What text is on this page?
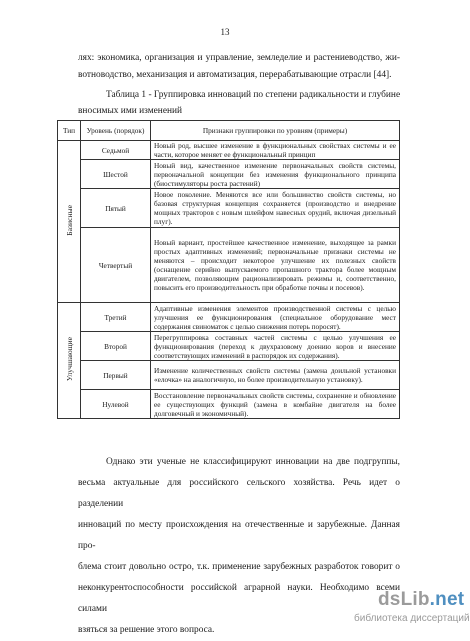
13
лях: экономика, организация и управление, земледелие и растениеводство, жи-
вотноводство, механизация и автоматизация, перерабатывающие отрасли [44].
Таблица 1 - Группировка инноваций по степени радикальности и глубине
вносимых ими изменений
Тип	Уровень (порядок)	Признаки группировки по уровням (примеры)
Базисные	Седьмой	Новый род, высшее изменение в функциональных свойствах системы и ее части, которое меняет ее функциональный принцип
	Шестой	Новый вид, качественное изменение первоначальных свойств системы, первоначальной концепции без изменения функционального принципа (биостимуляторы роста растений)
	Пятый	Новое поколение. Меняются все или большинство свойств системы, но базовая структурная концепция сохраняется (производство и внедрение мощных тракторов с новым шлейфом навесных орудий, включая дизельный плуг).
	Четвертый	Новый вариант, простейшее качественное изменение, выходящее за рамки простых адаптивных изменений; первоначальные признаки системы не меняются – происходит некоторое улучшение их полезных свойств (оснащение серийно выпускаемого пропашного трактора более мощным двигателем, позволяющим рационализировать режимы и, соответственно, повысить его производительность при обработке почвы и посевов).
Улучшающие	Третий	Адаптивные изменения элементов производственной системы с целью улучшения ее функционирования (специальное оборудование мест содержания свиноматок с целью снижения потерь поросят).
	Второй	Перегруппировка составных частей системы с целью улучшения ее функционирования (переход к двухразовому доению коров и внесение соответствующих изменений в распорядок их содержания).
	Первый	Изменение количественных свойств системы (замена доильной установки «елочка» на аналогичную, но более производительную установку).
	Нулевой	Восстановление первоначальных свойств системы, сохранение и обновление ее существующих функций (замена в комбайне двигателя на более долговечный и экономичный).
Однако эти ученые не классифицируют инновации на две подгруппы,
весьма актуальные для российского сельского хозяйства. Речь идет о разделении
инноваций по месту происхождения на отечественные и зарубежные. Данная про-
блема стоит довольно остро, т.к. применение зарубежных разработок говорит о
неконкурентоспособности российской аграрной науки. Необходимо всеми силами
взяться за решение этого вопроса.
dsLib.net
библиотека диссертаций
